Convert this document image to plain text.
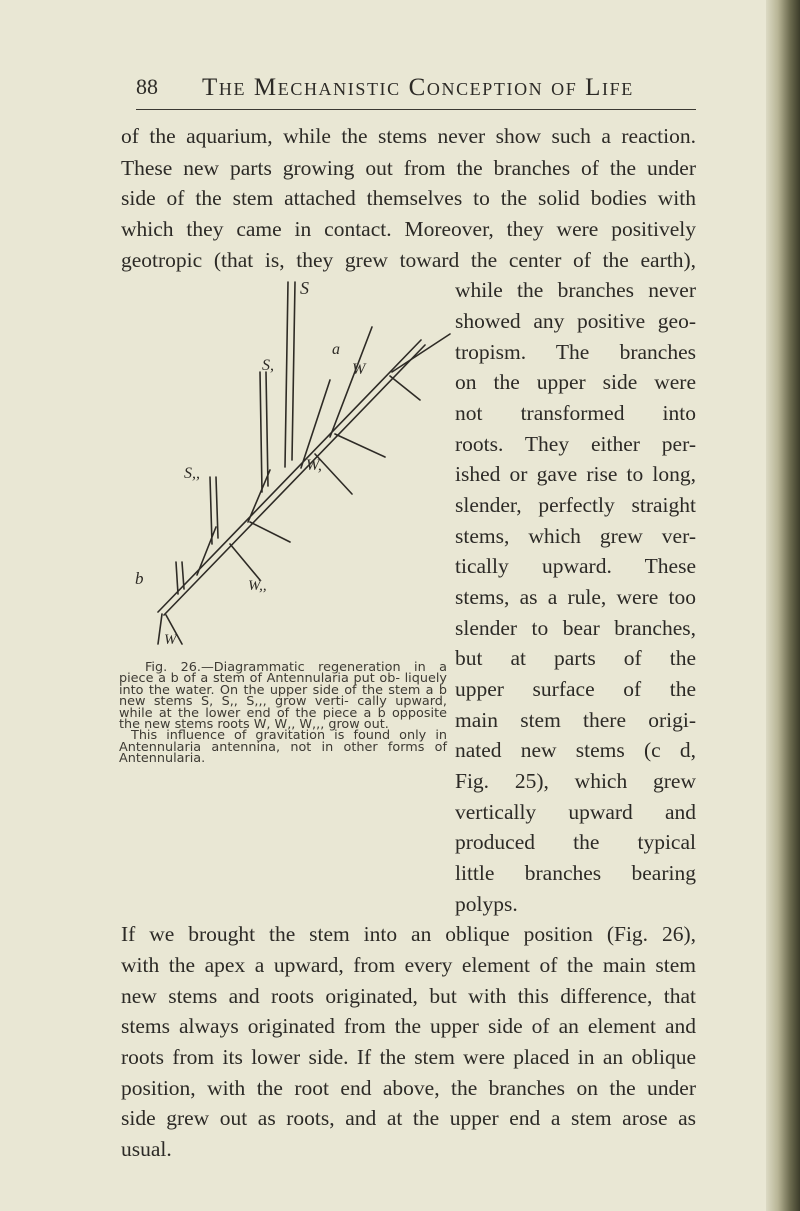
88 The Mechanistic Conception of Life
of the aquarium, while the stems never show such a reaction.
These new parts growing out from the branches of the under
side of the stem attached themselves to the solid bodies with
which they came in contact. Moreover, they were positively
geotropic (that is, they grew toward the center of the earth),
while the branches never
showed any positive geo-
tropism. The branches
on the upper side were
not transformed into
roots. They either per-
ished or gave rise to long,
slender, perfectly straight
stems, which grew ver-
tically upward. These
stems, as a rule, were too
slender to bear branches,
but at parts of the
upper surface of the
main stem there origi-
nated new stems (c d,
Fig. 25), which grew
vertically upward and
produced the typical
little branches bearing
polyps.
If we brought the stem into an oblique position (Fig. 26),
with the apex a upward, from every element of the main stem
new stems and roots originated, but with this difference, that
stems always originated from the upper side of an element and
roots from its lower side. If the stem were placed in an oblique
position, with the root end above, the branches on the under
side grew out as roots, and at the upper end a stem arose as
usual.
S
a
W
S,
W,
S,,
W,,
b
W

Fig. 26.—Diagrammatic regeneration in a piece a b of a stem of Antennularia put ob- liquely into the water. On the upper side of the stem a b new stems S, S,, S,,, grow verti- cally upward, while at the lower end of the piece a b opposite the new stems roots W, W,, W,,, grow out.

This influence of gravitation is found only in Antennularia antennina, not in other forms of Antennularia.
